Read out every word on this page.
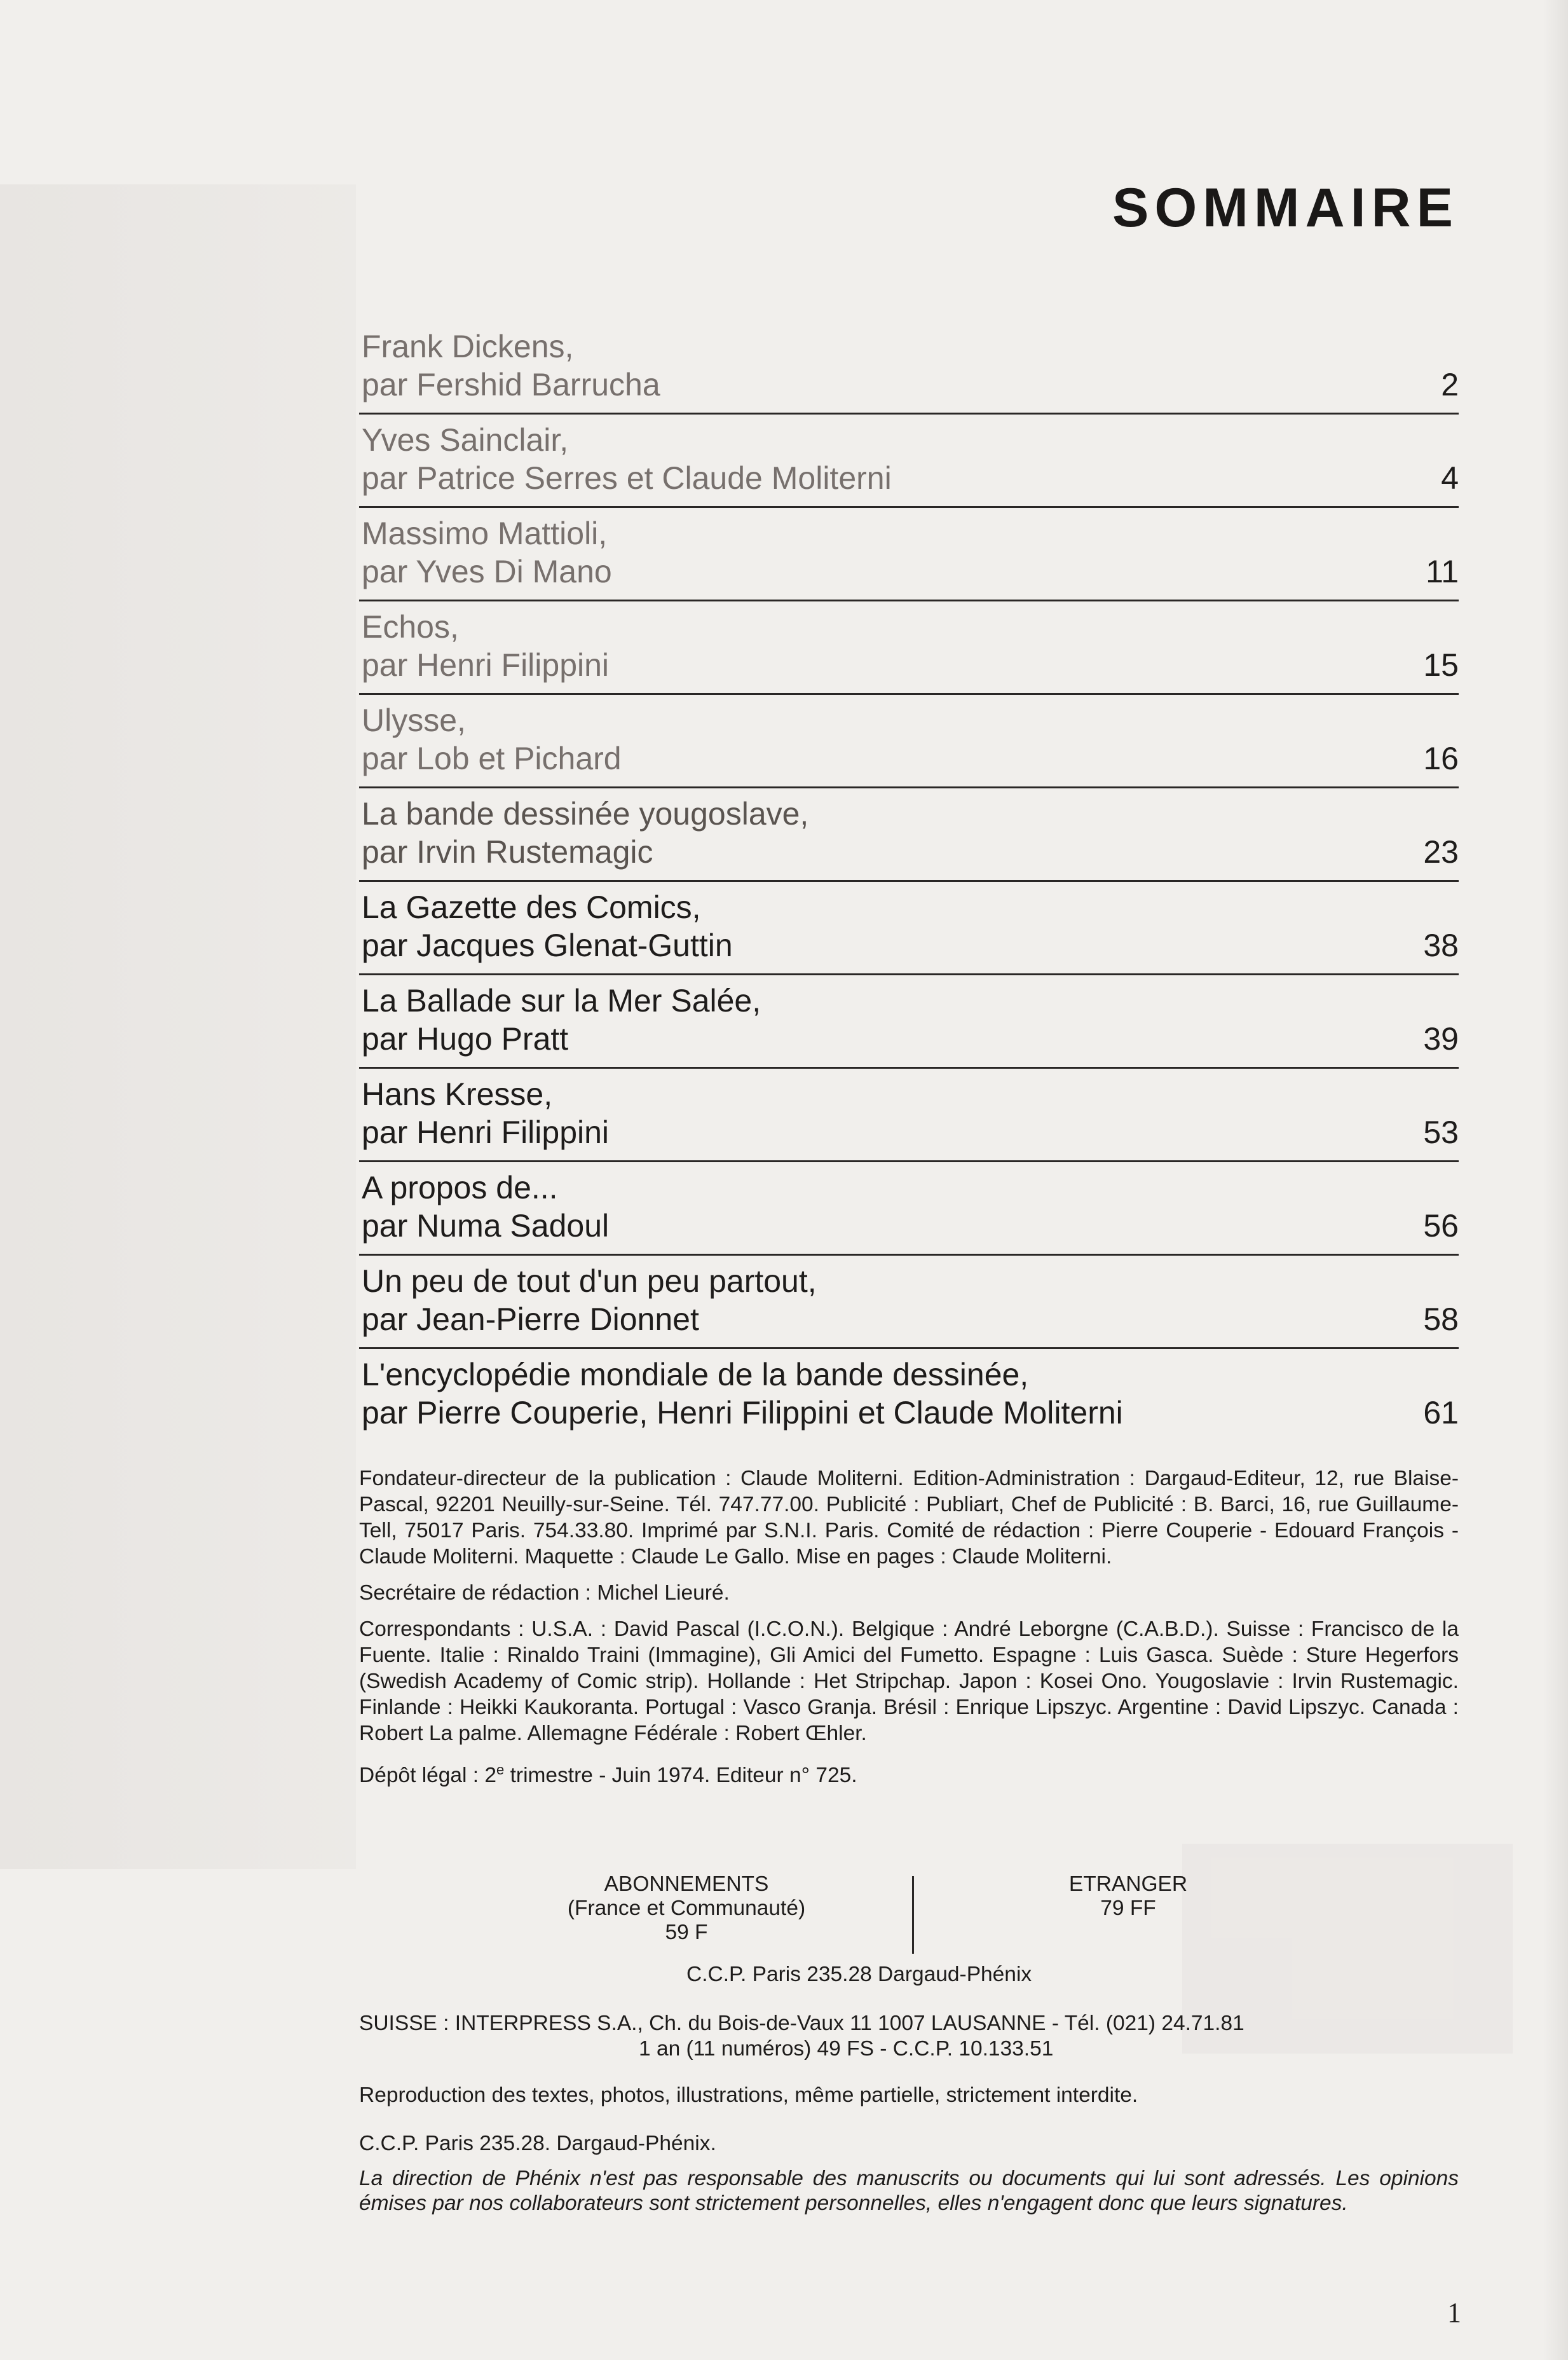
SOMMAIRE
Frank Dickens,
par Fershid Barrucha	2
Yves Sainclair,
par Patrice Serres et Claude Moliterni	4
Massimo Mattioli,
par Yves Di Mano	11
Echos,
par Henri Filippini	15
Ulysse,
par Lob et Pichard	16
La bande dessinée yougoslave,
par Irvin Rustemagic	23
La Gazette des Comics,
par Jacques Glenat-Guttin	38
La Ballade sur la Mer Salée,
par Hugo Pratt	39
Hans Kresse,
par Henri Filippini	53
A propos de...
par Numa Sadoul	56
Un peu de tout d'un peu partout,
par Jean-Pierre Dionnet	58
L'encyclopédie mondiale de la bande dessinée,
par Pierre Couperie, Henri Filippini et Claude Moliterni	61

Fondateur-directeur de la publication : Claude Moliterni. Edition-Administration : Dargaud-Editeur, 12, rue Blaise-Pascal, 92201 Neuilly-sur-Seine. Tél. 747.77.00. Publicité : Publiart, Chef de Publicité : B. Barci, 16, rue Guillaume-Tell, 75017 Paris. 754.33.80. Imprimé par S.N.I. Paris. Comité de rédaction : Pierre Couperie - Edouard François - Claude Moliterni. Maquette : Claude Le Gallo. Mise en pages : Claude Moliterni.

Secrétaire de rédaction : Michel Lieuré.

Correspondants : U.S.A. : David Pascal (I.C.O.N.). Belgique : André Leborgne (C.A.B.D.). Suisse : Francisco de la Fuente. Italie : Rinaldo Traini (Immagine), Gli Amici del Fumetto. Espagne : Luis Gasca. Suède : Sture Hegerfors (Swedish Academy of Comic strip). Hollande : Het Stripchap. Japon : Kosei Ono. Yougoslavie : Irvin Rustemagic. Finlande : Heikki Kaukoranta. Portugal : Vasco Granja. Brésil : Enrique Lipszyc. Argentine : David Lipszyc. Canada : Robert La palme. Allemagne Fédérale : Robert Œhler.

Dépôt légal : 2e trimestre - Juin 1974. Editeur n° 725.

ABONNEMENTS
(France et Communauté)
59 F
ETRANGER
79 FF
C.C.P. Paris 235.28 Dargaud-Phénix
SUISSE : INTERPRESS S.A., Ch. du Bois-de-Vaux 11 1007 LAUSANNE - Tél. (021) 24.71.81
1 an (11 numéros) 49 FS - C.C.P. 10.133.51
Reproduction des textes, photos, illustrations, même partielle, strictement interdite.
C.C.P. Paris 235.28. Dargaud-Phénix.
La direction de Phénix n'est pas responsable des manuscrits ou documents qui lui sont adressés. Les opinions émises par nos collaborateurs sont strictement personnelles, elles n'engagent donc que leurs signatures.
1
